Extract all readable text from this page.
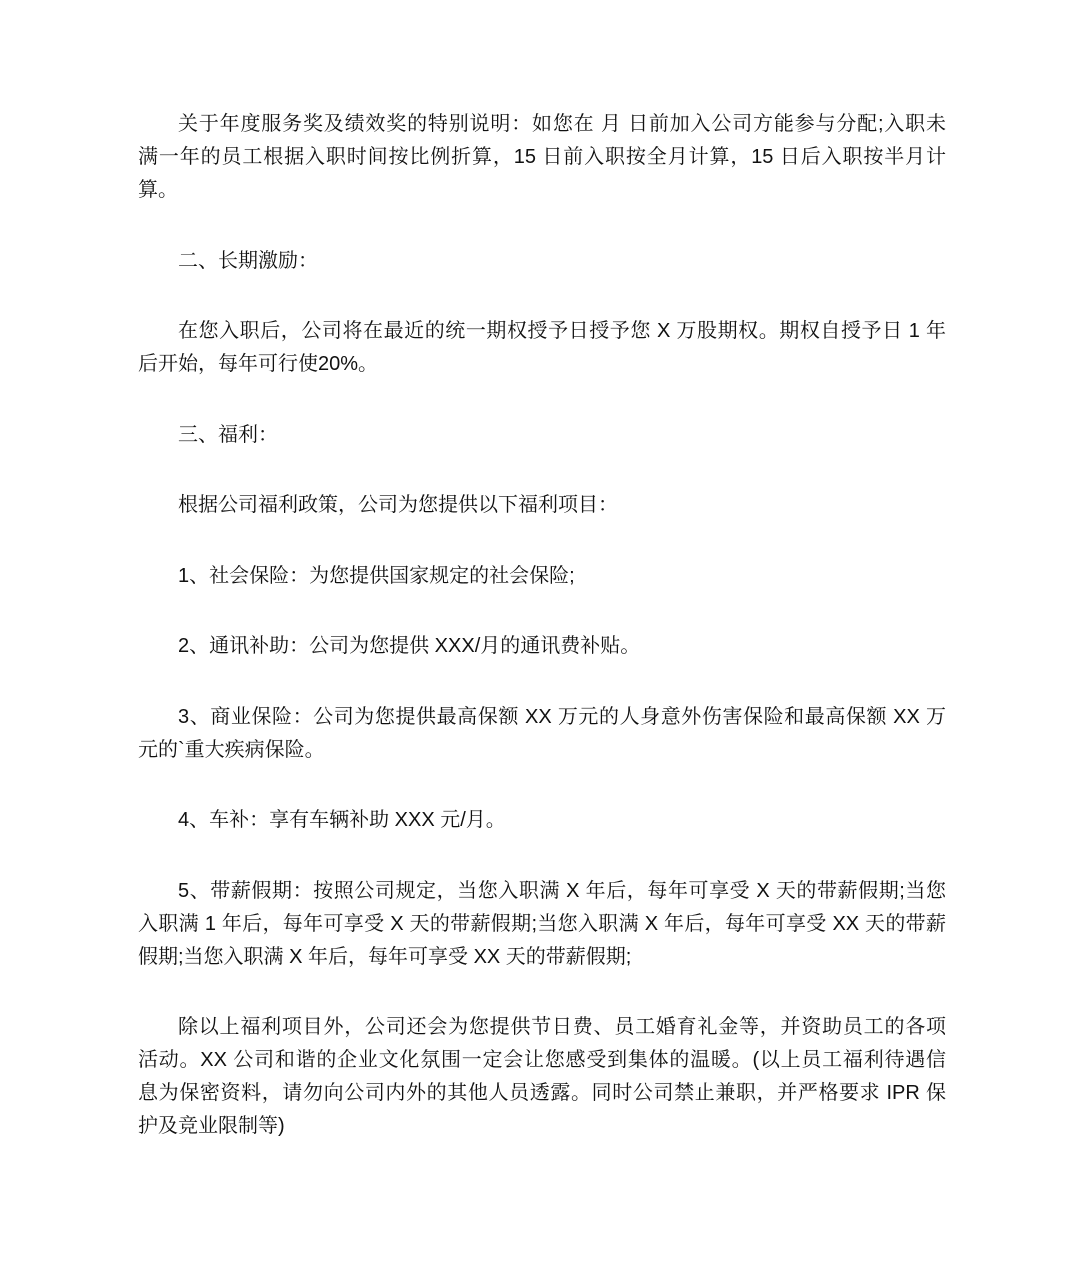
关于年度服务奖及绩效奖的特别说明：如您在 月 日前加入公司方能参与分配;入职未
满一年的员工根据入职时间按比例折算，15 日前入职按全月计算，15 日后入职按半月计
算。
二、长期激励：
在您入职后，公司将在最近的统一期权授予日授予您 X 万股期权。期权自授予日 1 年
后开始，每年可行使20%。
三、福利：
根据公司福利政策，公司为您提供以下福利项目：
1、社会保险：为您提供国家规定的社会保险;
2、通讯补助：公司为您提供 XXX/月的通讯费补贴。
3、商业保险：公司为您提供最高保额 XX 万元的人身意外伤害保险和最高保额 XX 万
元的`重大疾病保险。
4、车补：享有车辆补助 XXX 元/月。
5、带薪假期：按照公司规定，当您入职满 X 年后，每年可享受 X 天的带薪假期;当您
入职满 1 年后，每年可享受 X 天的带薪假期;当您入职满 X 年后，每年可享受 XX 天的带薪
假期;当您入职满 X 年后，每年可享受 XX 天的带薪假期;
除以上福利项目外，公司还会为您提供节日费、员工婚育礼金等，并资助员工的各项
活动。XX 公司和谐的企业文化氛围一定会让您感受到集体的温暖。(以上员工福利待遇信
息为保密资料，请勿向公司内外的其他人员透露。同时公司禁止兼职，并严格要求 IPR 保
护及竞业限制等)
